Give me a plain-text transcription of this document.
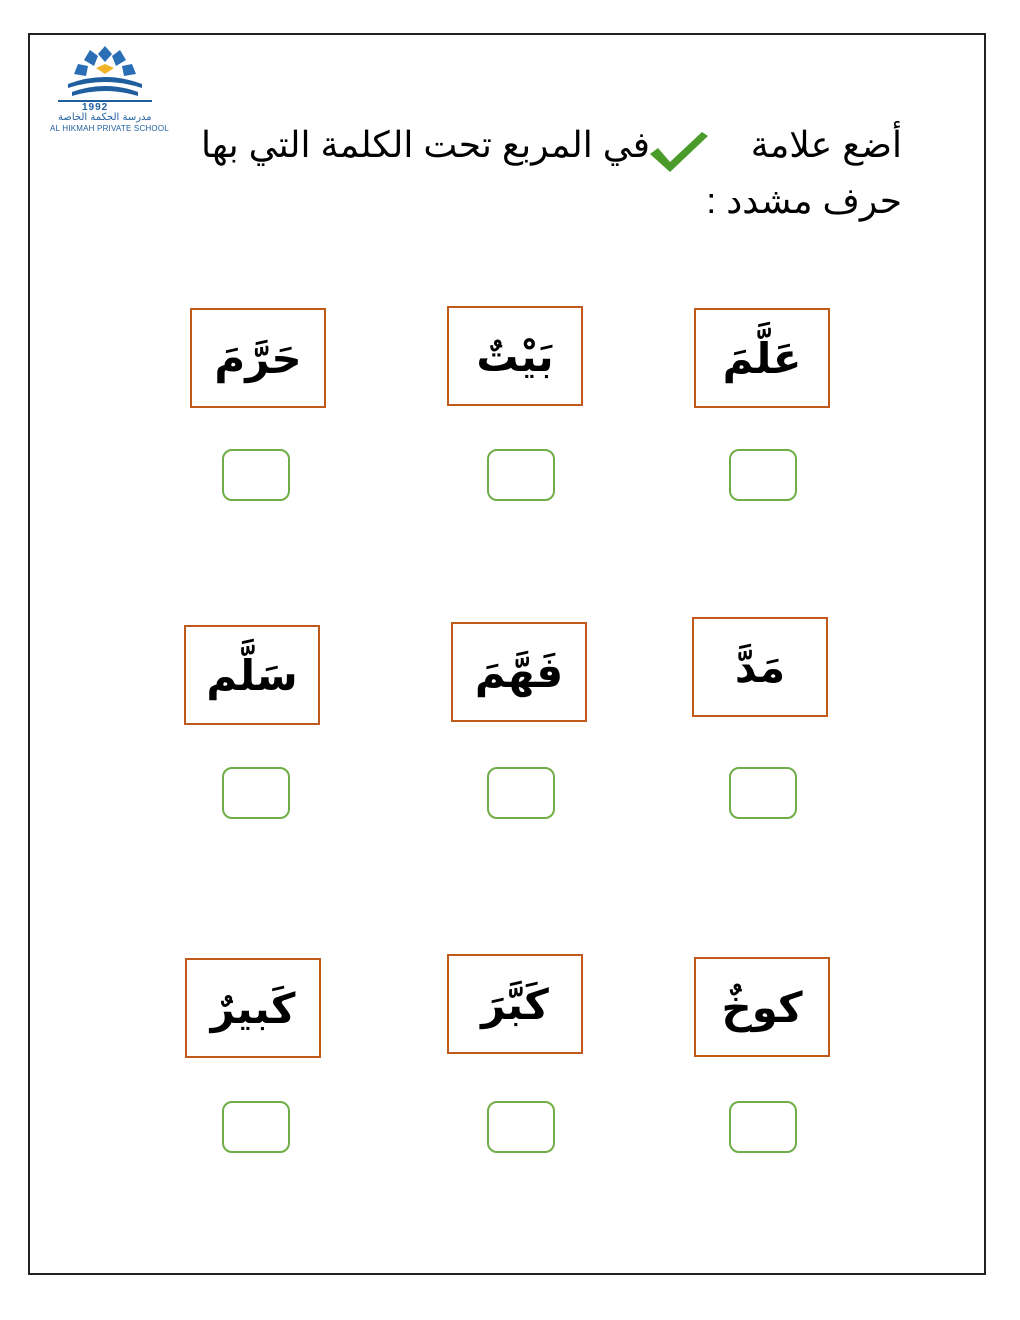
1992
مدرسة الحكمة الخاصة
AL HIKMAH PRIVATE SCHOOL	أضع علامة
في المربع تحت الكلمة التي بها
حرف مشدد :
عَلَّمَ
بَيْتٌ
حَرَّمَ
مَدَّ
فَهَّمَ
سَلَّم
كوخٌ
كَبَّرَ
كَبيرٌ
